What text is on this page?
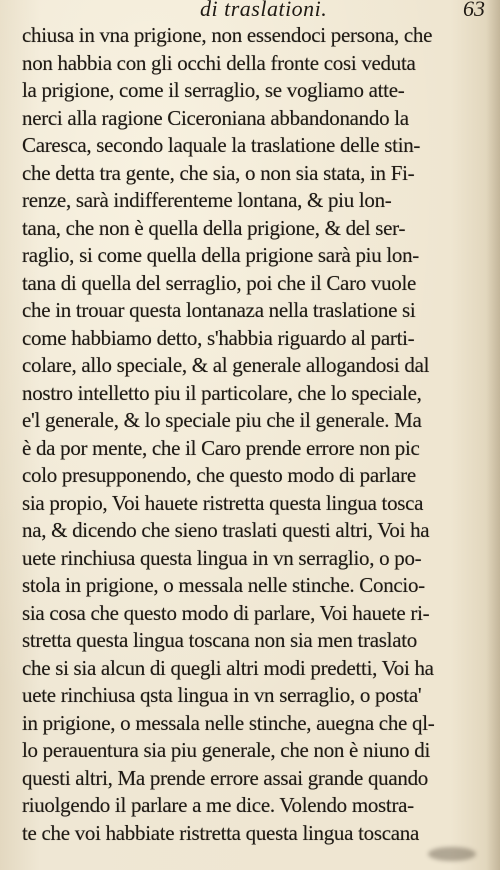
di traslationi.	63
chiusa in vna prigione, non essendoci persona, che
non habbia con gli occhi della fronte cosi veduta
la prigione, come il serraglio, se vogliamo atte-
nerci alla ragione Ciceroniana abbandonando la
Caresca, secondo laquale la traslatione delle stin-
che detta tra gente, che sia, o non sia stata, in Fi-
renze, sarà indifferenteme lontana, & piu lon-
tana, che non è quella della prigione, & del ser-
raglio, si come quella della prigione sarà piu lon-
tana di quella del serraglio, poi che il Caro vuole
che in trouar questa lontanaza nella traslatione si
come habbiamo detto, s'habbia riguardo al parti-
colare, allo speciale, & al generale allogandosi dal
nostro intelletto piu il particolare, che lo speciale,
e'l generale, & lo speciale piu che il generale. Ma
è da por mente, che il Caro prende errore non pic
colo presupponendo, che questo modo di parlare
sia propio, Voi hauete ristretta questa lingua tosca
na, & dicendo che sieno traslati questi altri, Voi ha
uete rinchiusa questa lingua in vn serraglio, o po-
stola in prigione, o messala nelle stinche. Concio-
sia cosa che questo modo di parlare, Voi hauete ri-
stretta questa lingua toscana non sia men traslato
che si sia alcun di quegli altri modi predetti, Voi ha
uete rinchiusa qsta lingua in vn serraglio, o posta'
in prigione, o messala nelle stinche, auegna che ql-
lo perauentura sia piu generale, che non è niuno di
questi altri, Ma prende errore assai grande quando
riuolgendo il parlare a me dice. Volendo mostra-
te che voi habbiate ristretta questa lingua toscana
